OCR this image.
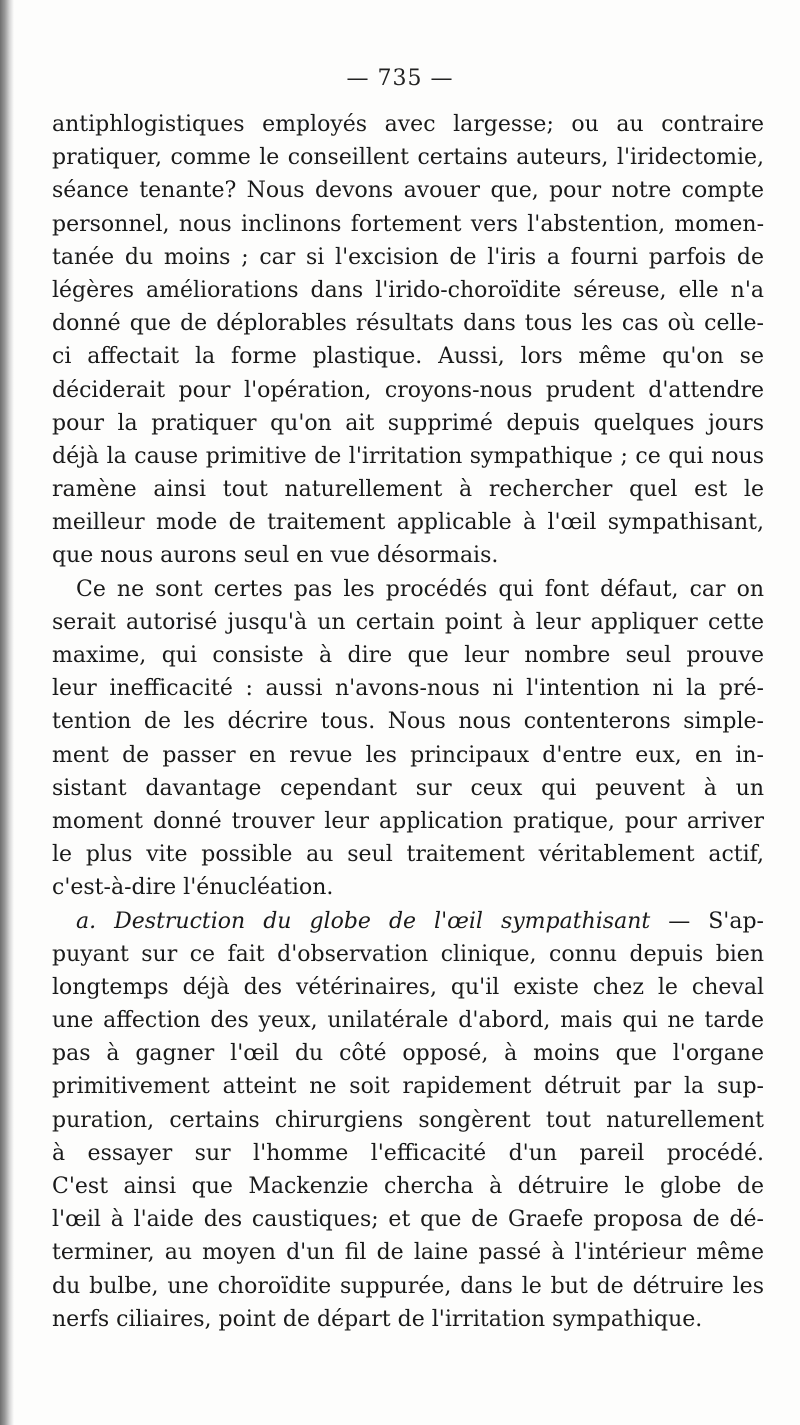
— 735 —
antiphlogistiques employés avec largesse; ou au contraire
pratiquer, comme le conseillent certains auteurs, l'iridectomie,
séance tenante? Nous devons avouer que, pour notre compte
personnel, nous inclinons fortement vers l'abstention, momen-
tanée du moins ; car si l'excision de l'iris a fourni parfois de
légères améliorations dans l'irido-choroïdite séreuse, elle n'a
donné que de déplorables résultats dans tous les cas où celle-
ci affectait la forme plastique. Aussi, lors même qu'on se
déciderait pour l'opération, croyons-nous prudent d'attendre
pour la pratiquer qu'on ait supprimé depuis quelques jours
déjà la cause primitive de l'irritation sympathique ; ce qui nous
ramène ainsi tout naturellement à rechercher quel est le
meilleur mode de traitement applicable à l'œil sympathisant,
que nous aurons seul en vue désormais.
Ce ne sont certes pas les procédés qui font défaut, car on
serait autorisé jusqu'à un certain point à leur appliquer cette
maxime, qui consiste à dire que leur nombre seul prouve
leur inefficacité : aussi n'avons-nous ni l'intention ni la pré-
tention de les décrire tous. Nous nous contenterons simple-
ment de passer en revue les principaux d'entre eux, en in-
sistant davantage cependant sur ceux qui peuvent à un
moment donné trouver leur application pratique, pour arriver
le plus vite possible au seul traitement véritablement actif,
c'est-à-dire l'énucléation.
a. Destruction du globe de l'œil sympathisant — S'ap-
puyant sur ce fait d'observation clinique, connu depuis bien
longtemps déjà des vétérinaires, qu'il existe chez le cheval
une affection des yeux, unilatérale d'abord, mais qui ne tarde
pas à gagner l'œil du côté opposé, à moins que l'organe
primitivement atteint ne soit rapidement détruit par la sup-
puration, certains chirurgiens songèrent tout naturellement
à essayer sur l'homme l'efficacité d'un pareil procédé.
C'est ainsi que Mackenzie chercha à détruire le globe de
l'œil à l'aide des caustiques; et que de Graefe proposa de dé-
terminer, au moyen d'un fil de laine passé à l'intérieur même
du bulbe, une choroïdite suppurée, dans le but de détruire les
nerfs ciliaires, point de départ de l'irritation sympathique.
